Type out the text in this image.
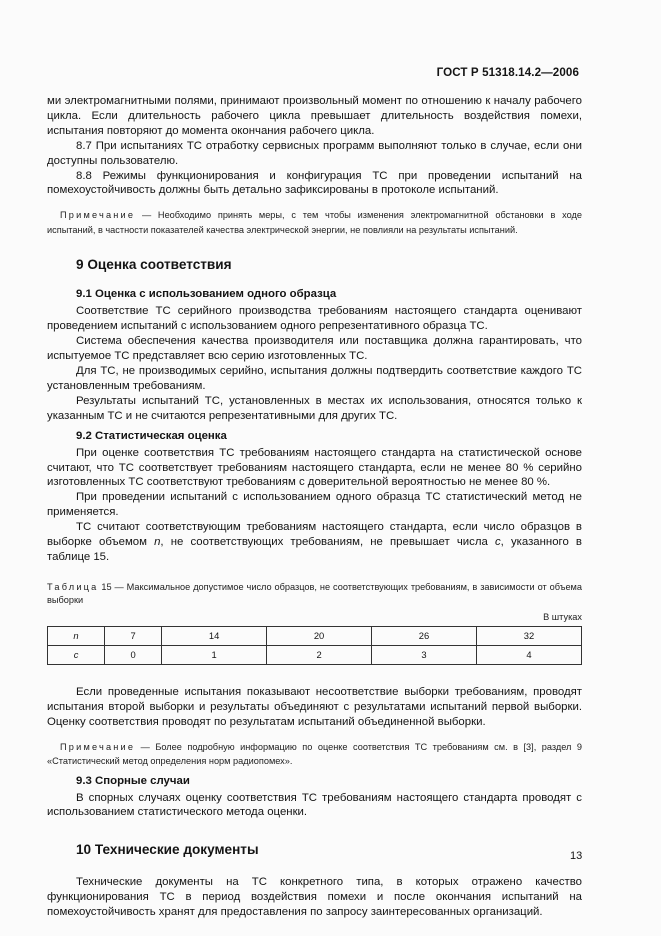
ГОСТ Р 51318.14.2—2006

ми электромагнитными полями, принимают произвольный момент по отношению к началу рабочего цикла. Если длительность рабочего цикла превышает длительность воздействия помехи, испытания повторяют до момента окончания рабочего цикла.

8.7 При испытаниях ТС отработку сервисных программ выполняют только в случае, если они доступны пользователю.

8.8 Режимы функционирования и конфигурация ТС при проведении испытаний на помехоустойчивость должны быть детально зафиксированы в протоколе испытаний.

Примечание — Необходимо принять меры, с тем чтобы изменения электромагнитной обстановки в ходе испытаний, в частности показателей качества электрической энергии, не повлияли на результаты испытаний.

9 Оценка соответствия
9.1 Оценка с использованием одного образца

Соответствие ТС серийного производства требованиям настоящего стандарта оценивают проведением испытаний с использованием одного репрезентативного образца ТС.

Система обеспечения качества производителя или поставщика должна гарантировать, что испытуемое ТС представляет всю серию изготовленных ТС.

Для ТС, не производимых серийно, испытания должны подтвердить соответствие каждого ТС установленным требованиям.

Результаты испытаний ТС, установленных в местах их использования, относятся только к указанным ТС и не считаются репрезентативными для других ТС.

9.2 Статистическая оценка

При оценке соответствия ТС требованиям настоящего стандарта на статистической основе считают, что ТС соответствует требованиям настоящего стандарта, если не менее 80 % серийно изготовленных ТС соответствуют требованиям с доверительной вероятностью не менее 80 %.

При проведении испытаний с использованием одного образца ТС статистический метод не применяется.

ТС считают соответствующим требованиям настоящего стандарта, если число образцов в выборке объемом n, не соответствующих требованиям, не превышает числа с, указанного в таблице 15.

Таблица 15 — Максимальное допустимое число образцов, не соответствующих требованиям, в зависимости от объема выборки

В штуках
n	7	14	20	26	32
c	0	1	2	3	4

Если проведенные испытания показывают несоответствие выборки требованиям, проводят испытания второй выборки и результаты объединяют с результатами испытаний первой выборки. Оценку соответствия проводят по результатам испытаний объединенной выборки.

Примечание — Более подробную информацию по оценке соответствия ТС требованиям см. в [3], раздел 9 «Статистический метод определения норм радиопомех».

9.3 Спорные случаи

В спорных случаях оценку соответствия ТС требованиям настоящего стандарта проводят с использованием статистического метода оценки.

10 Технические документы

Технические документы на ТС конкретного типа, в которых отражено качество функционирования ТС в период воздействия помехи и после окончания испытаний на помехоустойчивость хранят для предоставления по запросу заинтересованных организаций.

13
